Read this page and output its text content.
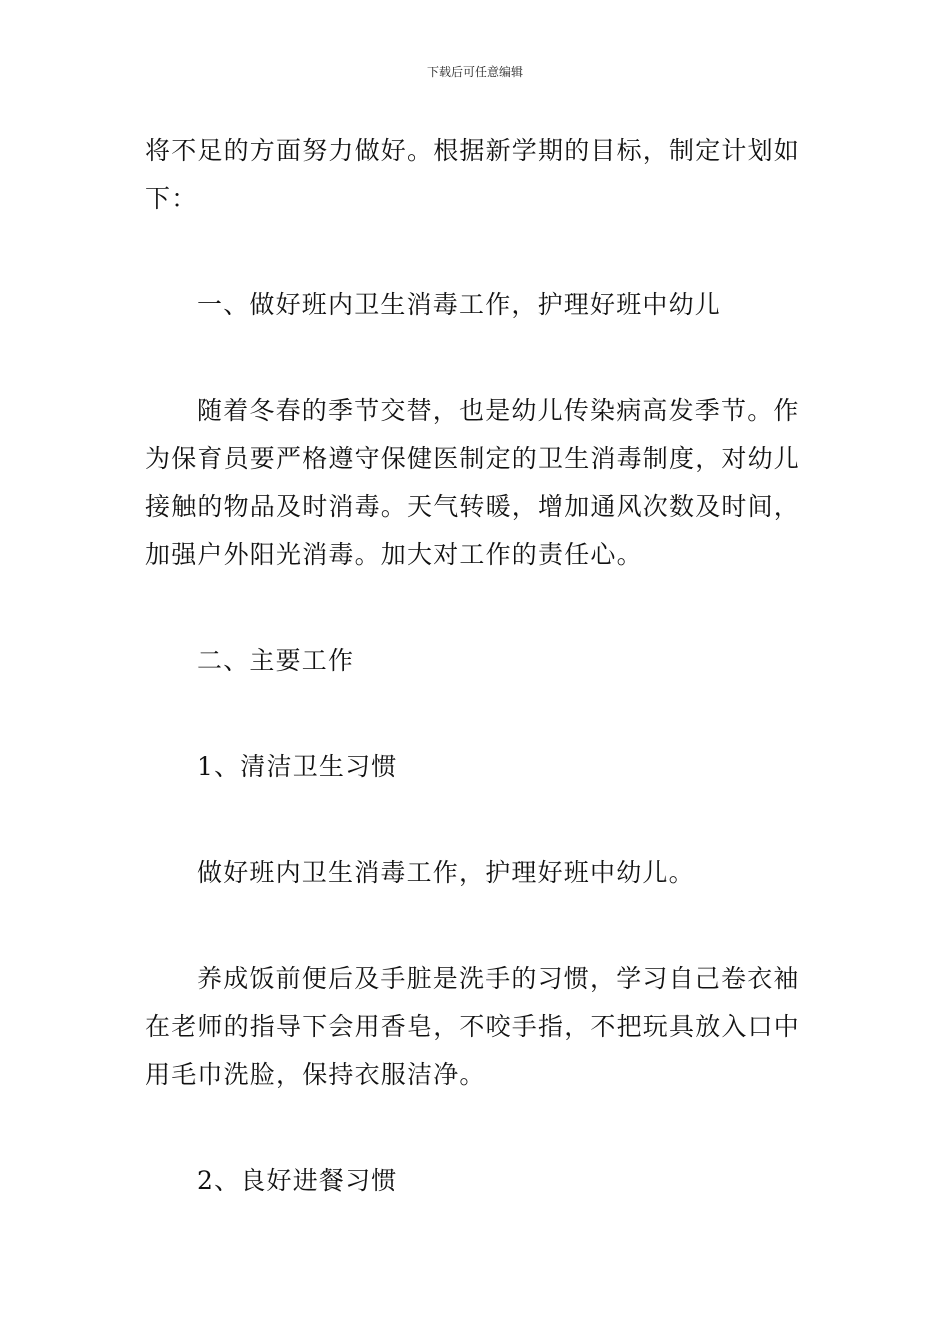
下载后可任意编辑

将不足的方面努力做好。根据新学期的目标，制定计划如下：

一、做好班内卫生消毒工作，护理好班中幼儿

随着冬春的季节交替，也是幼儿传染病高发季节。作为保育员要严格遵守保健医制定的卫生消毒制度，对幼儿接触的物品及时消毒。天气转暖，增加通风次数及时间，加强户外阳光消毒。加大对工作的责任心。

二、主要工作

1、清洁卫生习惯

做好班内卫生消毒工作，护理好班中幼儿。

养成饭前便后及手脏是洗手的习惯，学习自己卷衣袖在老师的指导下会用香皂，不咬手指，不把玩具放入口中用毛巾洗脸，保持衣服洁净。

2、良好进餐习惯
